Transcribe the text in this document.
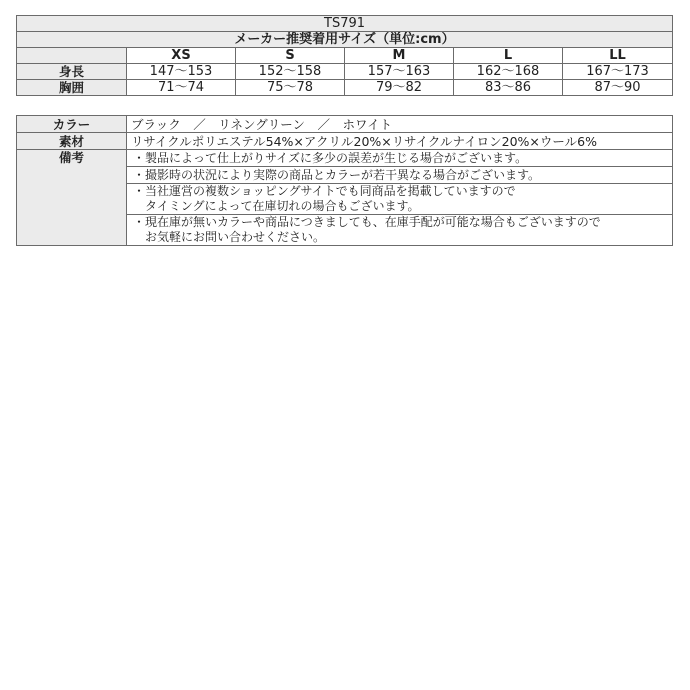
TS791					
メーカー推奨着用サイズ（単位:cm）					
	XS	S	M	L	LL
身長	147～153	152～158	157～163	162～168	167～173
胸囲	71～74	75～78	79～82	83～86	87～90
カラー	ブラック　／　リネングリーン　／　ホワイト
素材	リサイクルポリエステル54%×アクリル20%×リサイクルナイロン20%×ウール6%
備考	・製品によって仕上がりサイズに多少の誤差が生じる場合がございます。

	・撮影時の状況により実際の商品とカラーが若干異なる場合がございます。

	・当社運営の複数ショッピングサイトでも同商品を掲載していますので
　タイミングによって在庫切れの場合もございます。

	・現在庫が無いカラーや商品につきましても、在庫手配が可能な場合もございますので
　お気軽にお問い合わせください。
